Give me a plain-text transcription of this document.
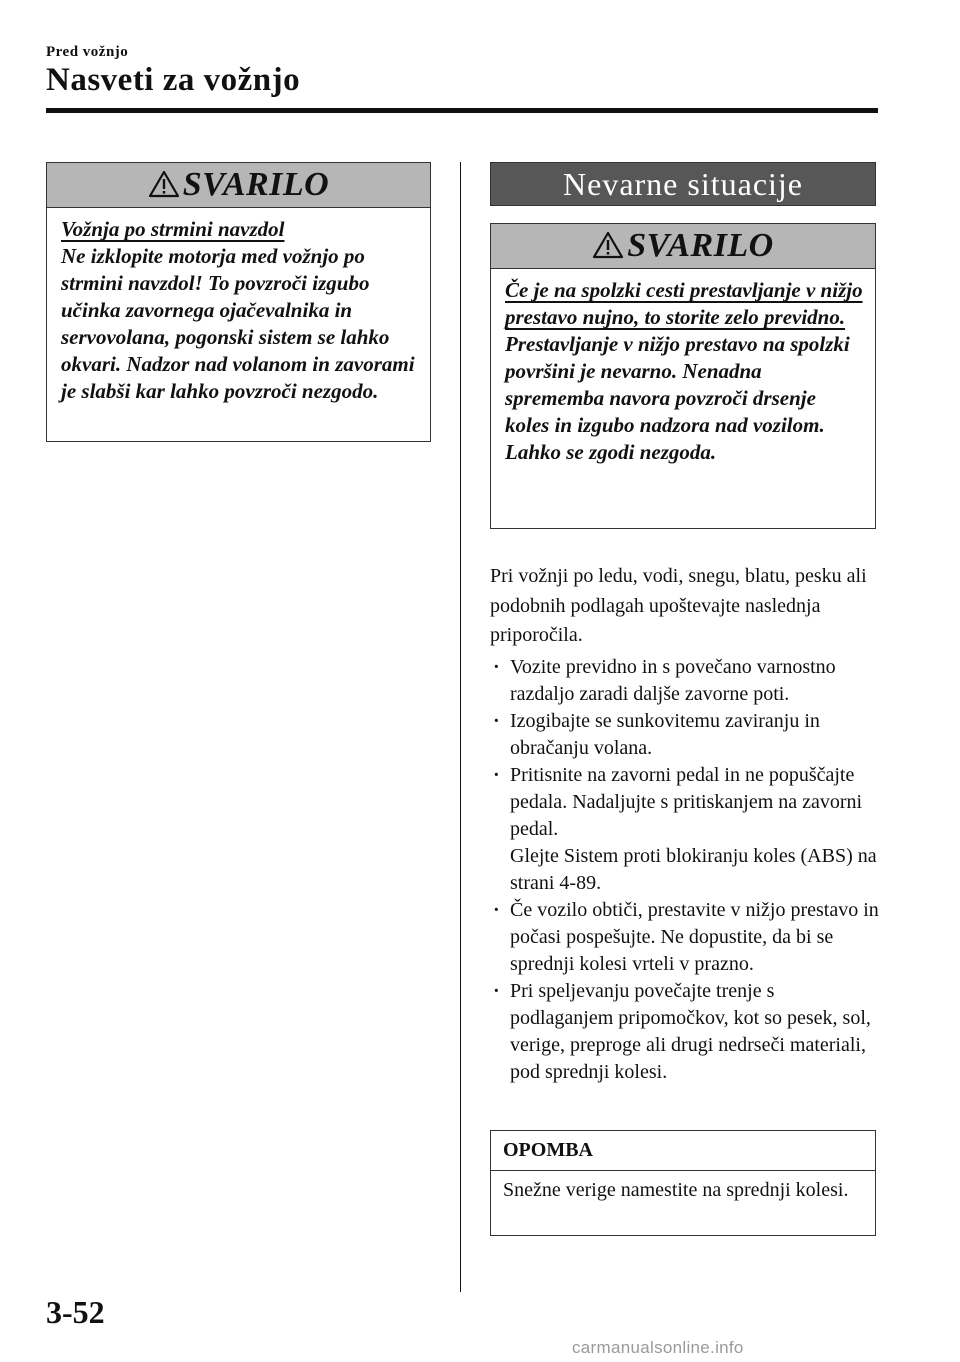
Pred vožnjo
Nasveti za vožnjo
SVARILO
Vožnja po strmini navzdol
Ne izklopite motorja med vožnjo po strmini navzdol! To povzroči izgubo učinka zavornega ojačevalnika in servovolana, pogonski sistem se lahko okvari. Nadzor nad volanom in zavorami je slabši kar lahko povzroči nezgodo.
Nevarne situacije
SVARILO
Če je na spolzki cesti prestavljanje v nižjo prestavo nujno, to storite zelo previdno.
Prestavljanje v nižjo prestavo na spolzki površini je nevarno. Nenadna sprememba navora povzroči drsenje koles in izgubo nadzora nad vozilom. Lahko se zgodi nezgoda.
Pri vožnji po ledu, vodi, snegu, blatu, pesku ali podobnih podlagah upoštevajte naslednja priporočila.
· Vozite previdno in s povečano varnostno razdaljo zaradi daljše zavorne poti.
· Izogibajte se sunkovitemu zaviranju in obračanju volana.
· Pritisnite na zavorni pedal in ne popuščajte pedala. Nadaljujte s pritiskanjem na zavorni pedal.
Glejte Sistem proti blokiranju koles (ABS) na strani 4-89.
· Če vozilo obtiči, prestavite v nižjo prestavo in počasi pospešujte. Ne dopustite, da bi se sprednji kolesi vrteli v prazno.
· Pri speljevanju povečajte trenje s podlaganjem pripomočkov, kot so pesek, sol, verige, preproge ali drugi nedrseči materiali, pod sprednji kolesi.
OPOMBA
Snežne verige namestite na sprednji kolesi.
3-52
carmanualsonline.info
